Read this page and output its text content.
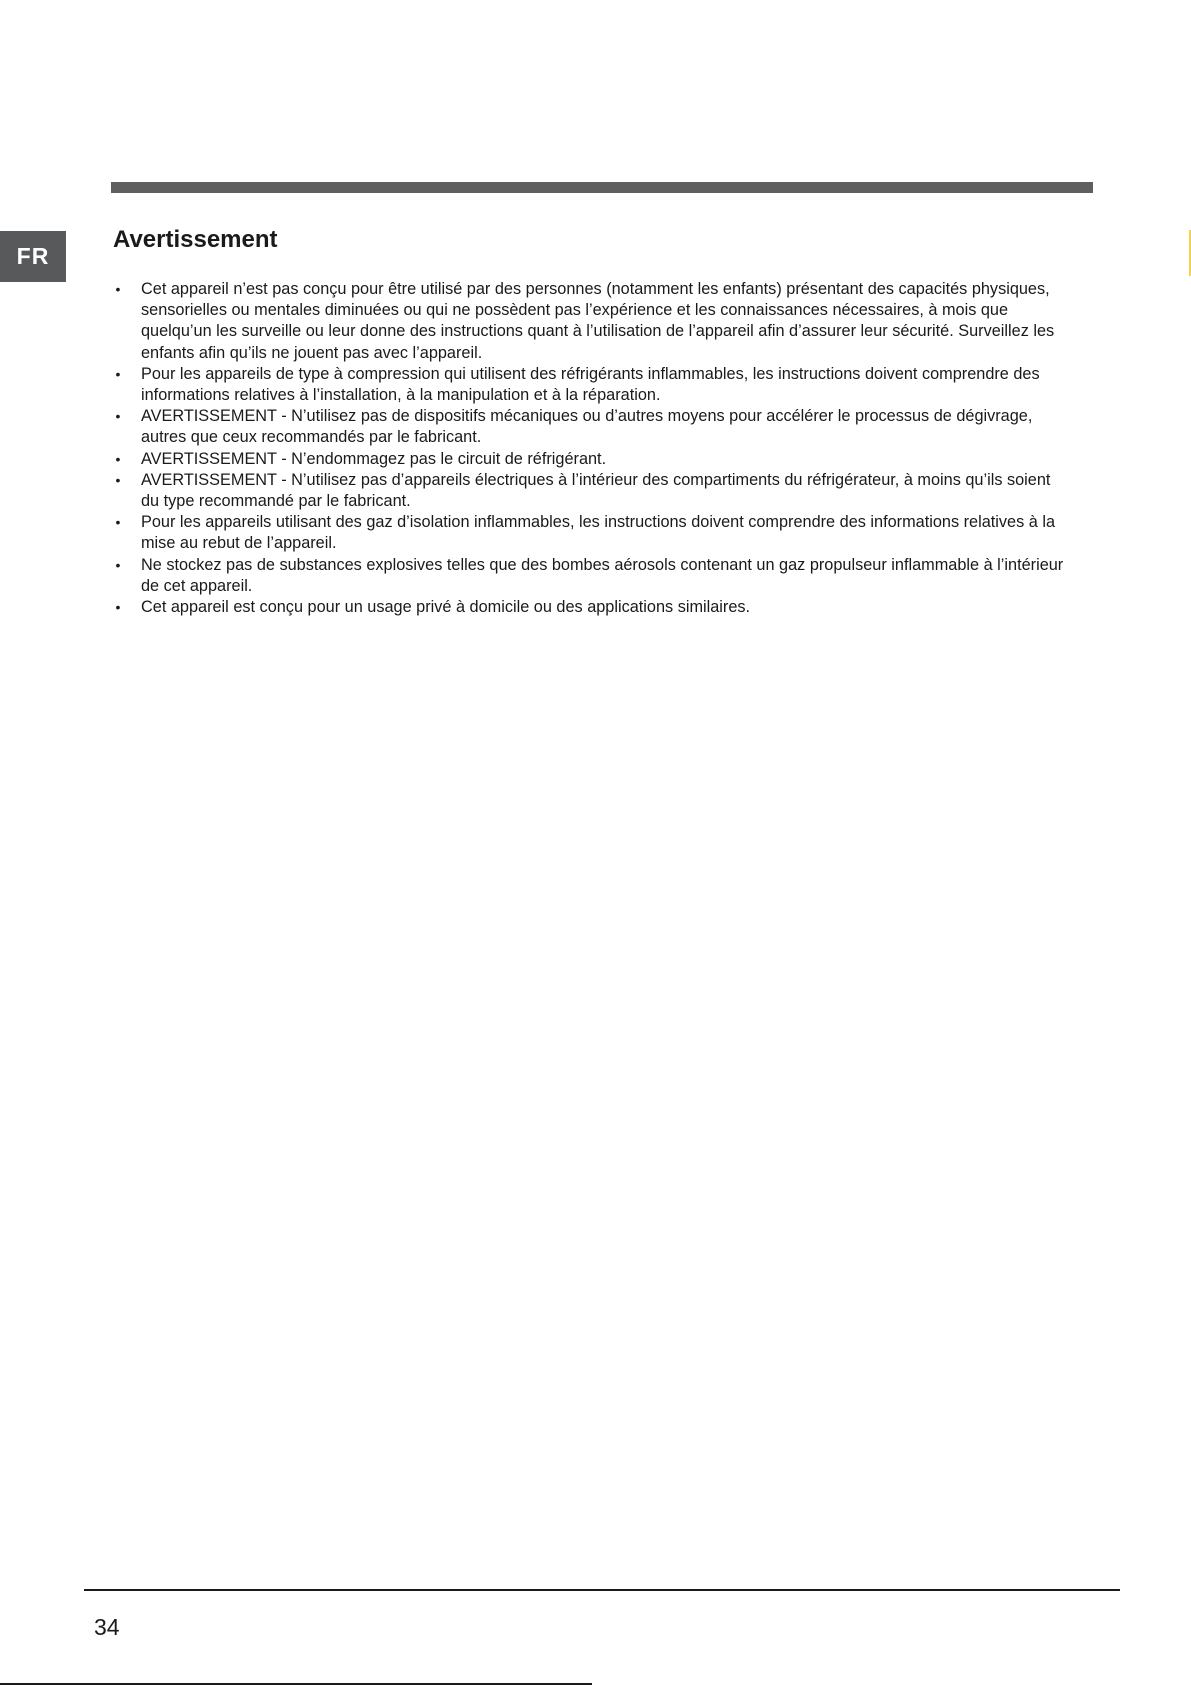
FR
Avertissement
• Cet appareil n’est pas conçu pour être utilisé par des personnes (notamment les enfants) présentant des capacités physiques, sensorielles ou mentales diminuées ou qui ne possèdent pas l’expérience et les connaissances nécessaires, à mois que quelqu’un les surveille ou leur donne des instructions quant à l’utilisation de l’appareil afin d’assurer leur sécurité. Surveillez les enfants afin qu’ils ne jouent pas avec l’appareil.
• Pour les appareils de type à compression qui utilisent des réfrigérants inflammables, les instructions doivent comprendre des informations relatives à l’installation, à la manipulation et à la réparation.
• AVERTISSEMENT - N’utilisez pas de dispositifs mécaniques ou d’autres moyens pour accélérer le processus de dégivrage, autres que ceux recommandés par le fabricant.
• AVERTISSEMENT - N’endommagez pas le circuit de réfrigérant.
• AVERTISSEMENT - N’utilisez pas d’appareils électriques à l’intérieur des compartiments du réfrigérateur, à moins qu’ils soient du type recommandé par le fabricant.
• Pour les appareils utilisant des gaz d’isolation inflammables, les instructions doivent comprendre des informations relatives à la mise au rebut de l’appareil.
• Ne stockez pas de substances explosives telles que des bombes aérosols contenant un gaz propulseur inflammable à l’intérieur de cet appareil.
• Cet appareil est conçu pour un usage privé à domicile ou des applications similaires.
34
